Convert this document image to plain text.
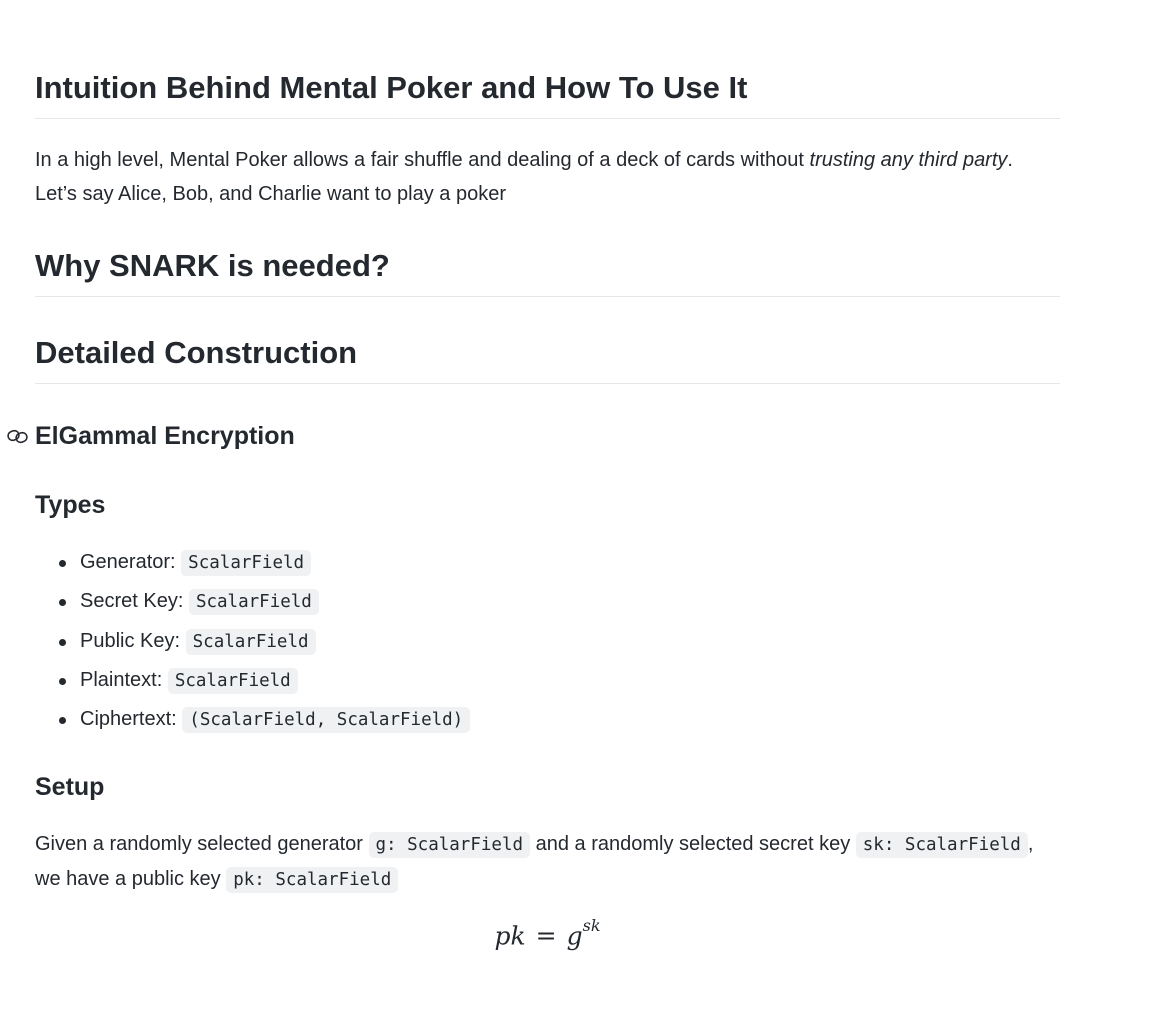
Intuition Behind Mental Poker and How To Use It

In a high level, Mental Poker allows a fair shuffle and dealing of a deck of cards without trusting any third party. Let’s say Alice, Bob, and Charlie want to play a poker

Why SNARK is needed?
Detailed Construction
ElGammal Encryption
Types
Generator: ScalarField
Secret Key: ScalarField
Public Key: ScalarField
Plaintext: ScalarField
Ciphertext: (ScalarField, ScalarField)
Setup

Given a randomly selected generator g: ScalarField and a randomly selected secret key sk: ScalarField , we have a public key pk: ScalarField

pk = $g^{sk}$
